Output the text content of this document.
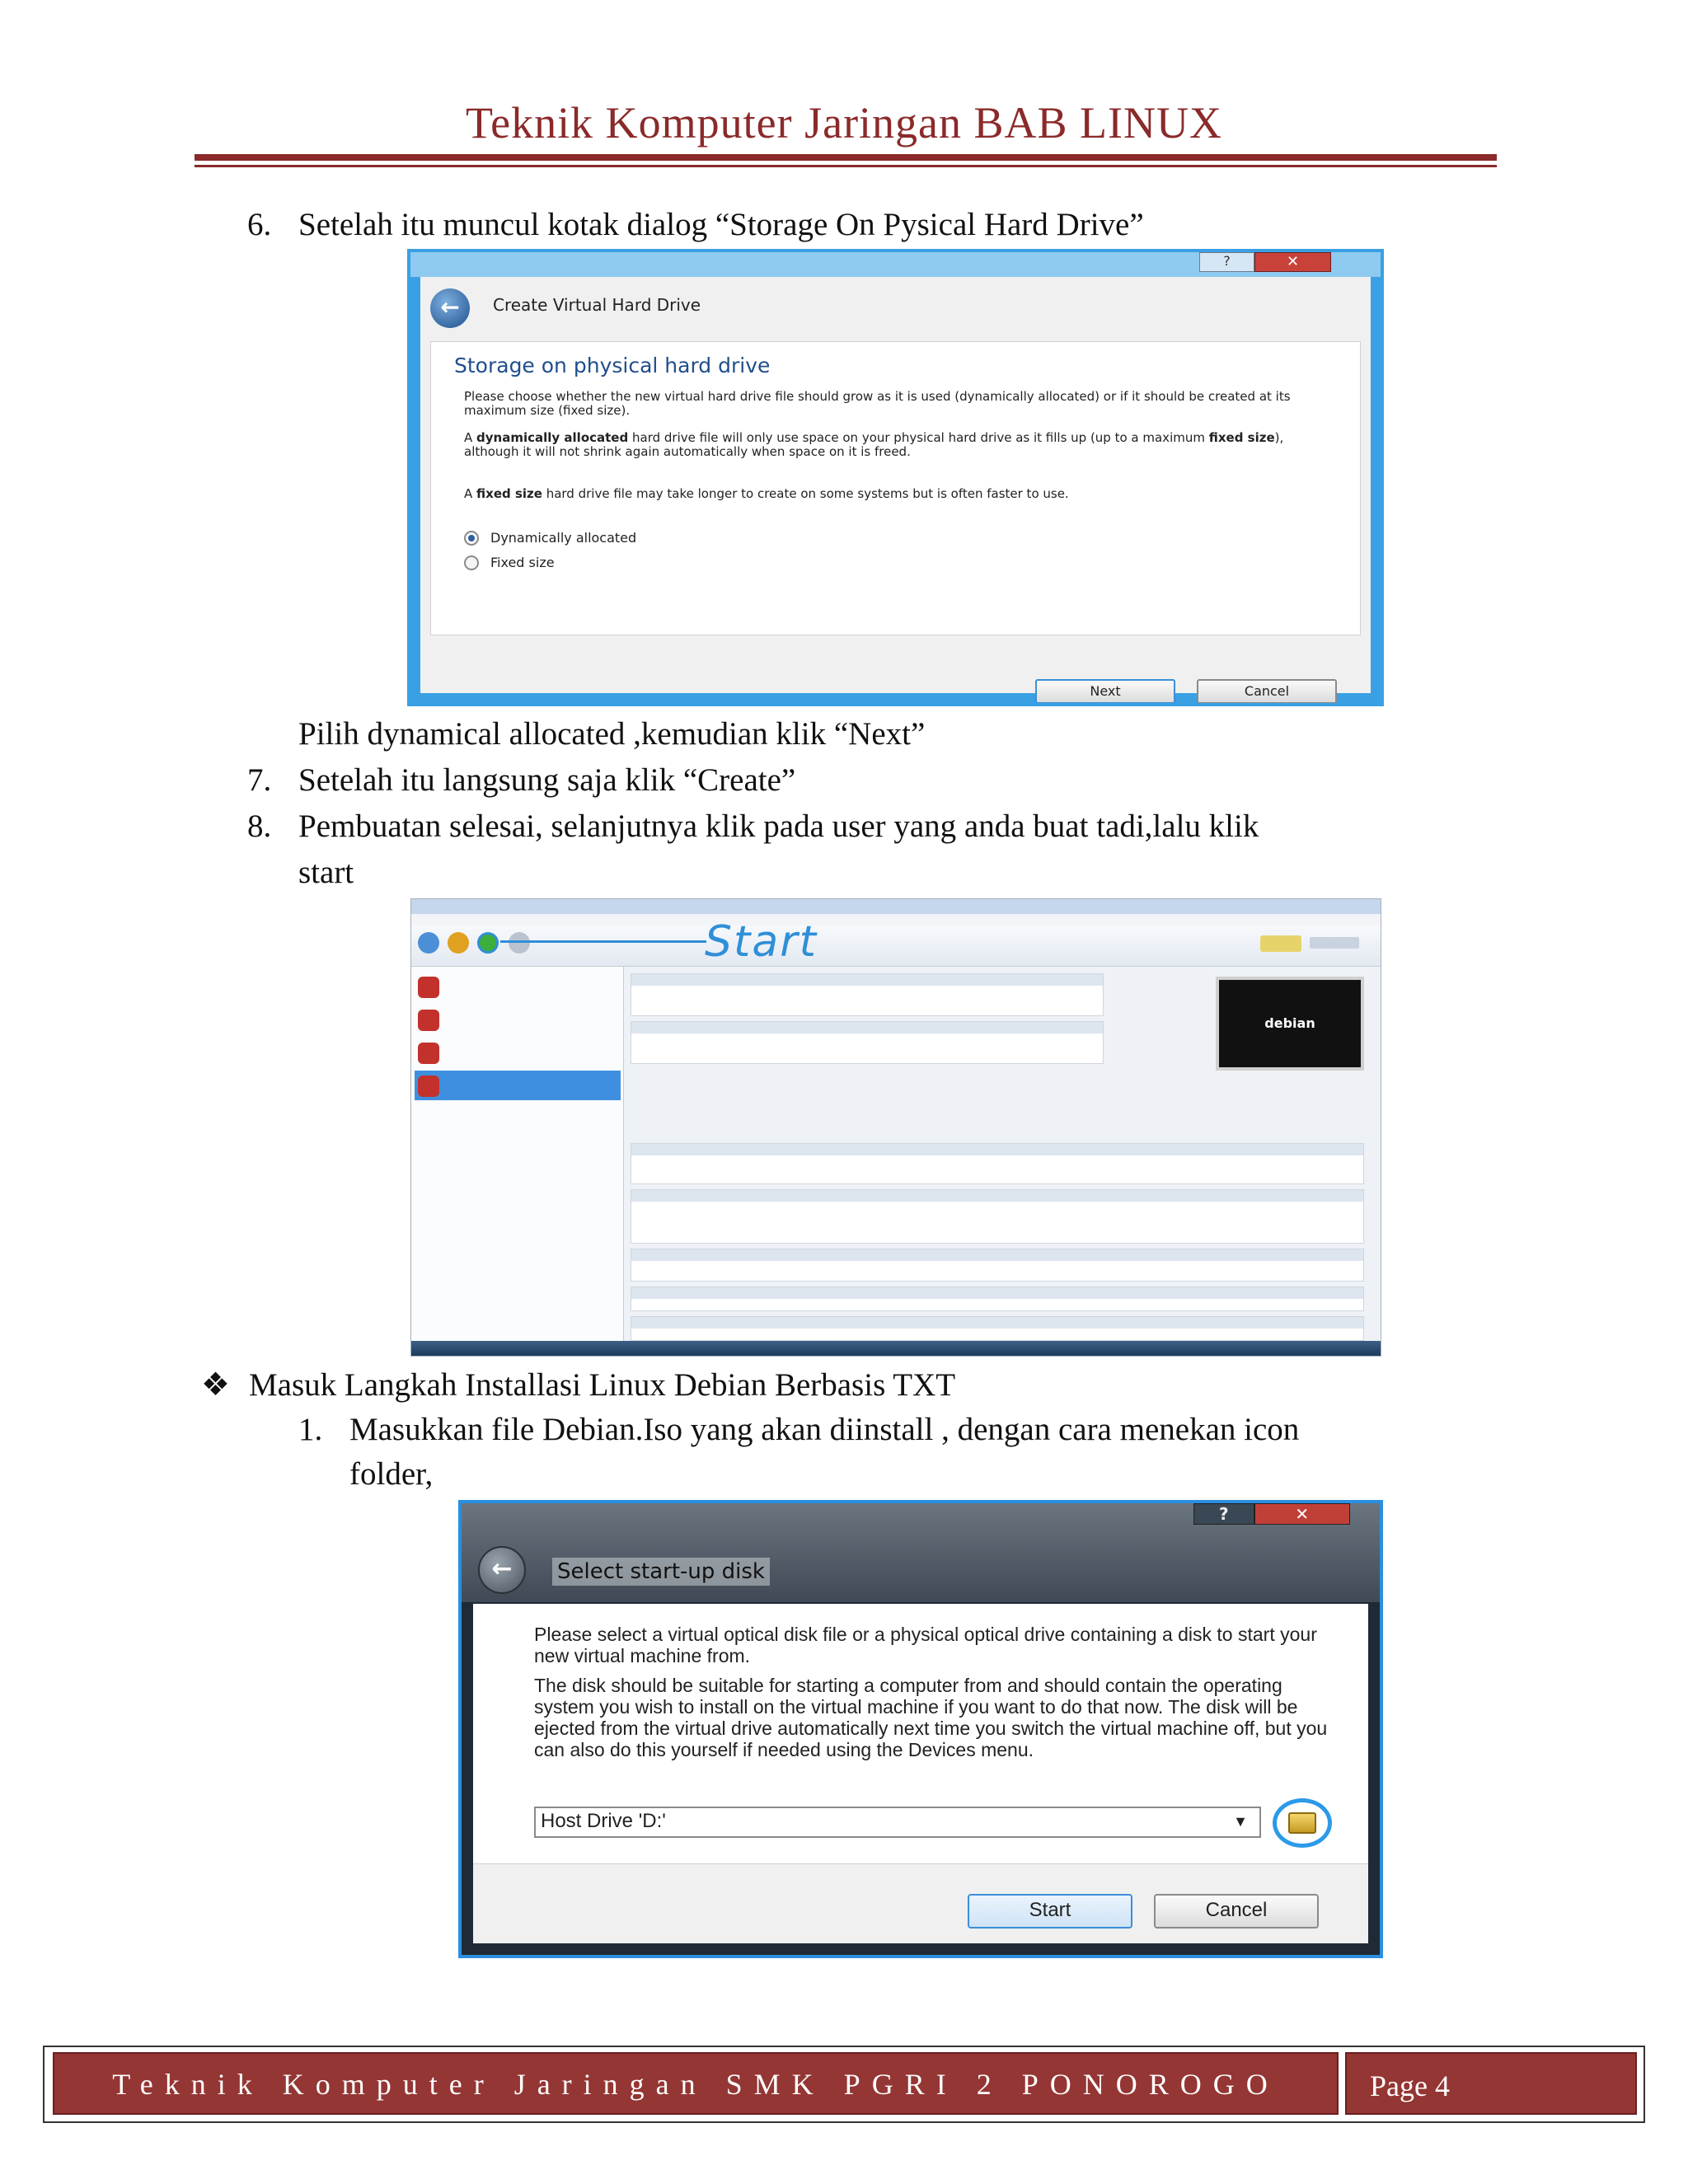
Teknik Komputer Jaringan BAB LINUX
6. Setelah itu muncul kotak dialog “Storage On Pysical Hard Drive”
?	✕
←	Create Virtual Hard Drive
Storage on physical hard drive
Please choose whether the new virtual hard drive file should grow as it is used (dynamically allocated) or if it should be created at its maximum size (fixed size).
A dynamically allocated hard drive file will only use space on your physical hard drive as it fills up (up to a maximum fixed size), although it will not shrink again automatically when space on it is freed.
A fixed size hard drive file may take longer to create on some systems but is often faster to use.
Dynamically allocated
Fixed size
Next	Cancel
Pilih dynamical allocated ,kemudian klik “Next”
7. Setelah itu langsung saja klik “Create”
8. Pembuatan selesai, selanjutnya klik pada user yang anda buat tadi,lalu klik
start
Start
debian
❖ Masuk Langkah Installasi Linux Debian Berbasis TXT
1. Masukkan file Debian.Iso yang akan diinstall , dengan cara menekan icon
folder,
?	✕
←	Select start-up disk
Please select a virtual optical disk file or a physical optical drive containing a disk to start your new virtual machine from.
The disk should be suitable for starting a computer from and should contain the operating system you wish to install on the virtual machine if you want to do that now. The disk will be ejected from the virtual drive automatically next time you switch the virtual machine off, but you can also do this yourself if needed using the Devices menu.
Host Drive 'D:'	▼
Start	Cancel
Teknik Komputer Jaringan SMK PGRI 2 PONOROGO	Page 4
